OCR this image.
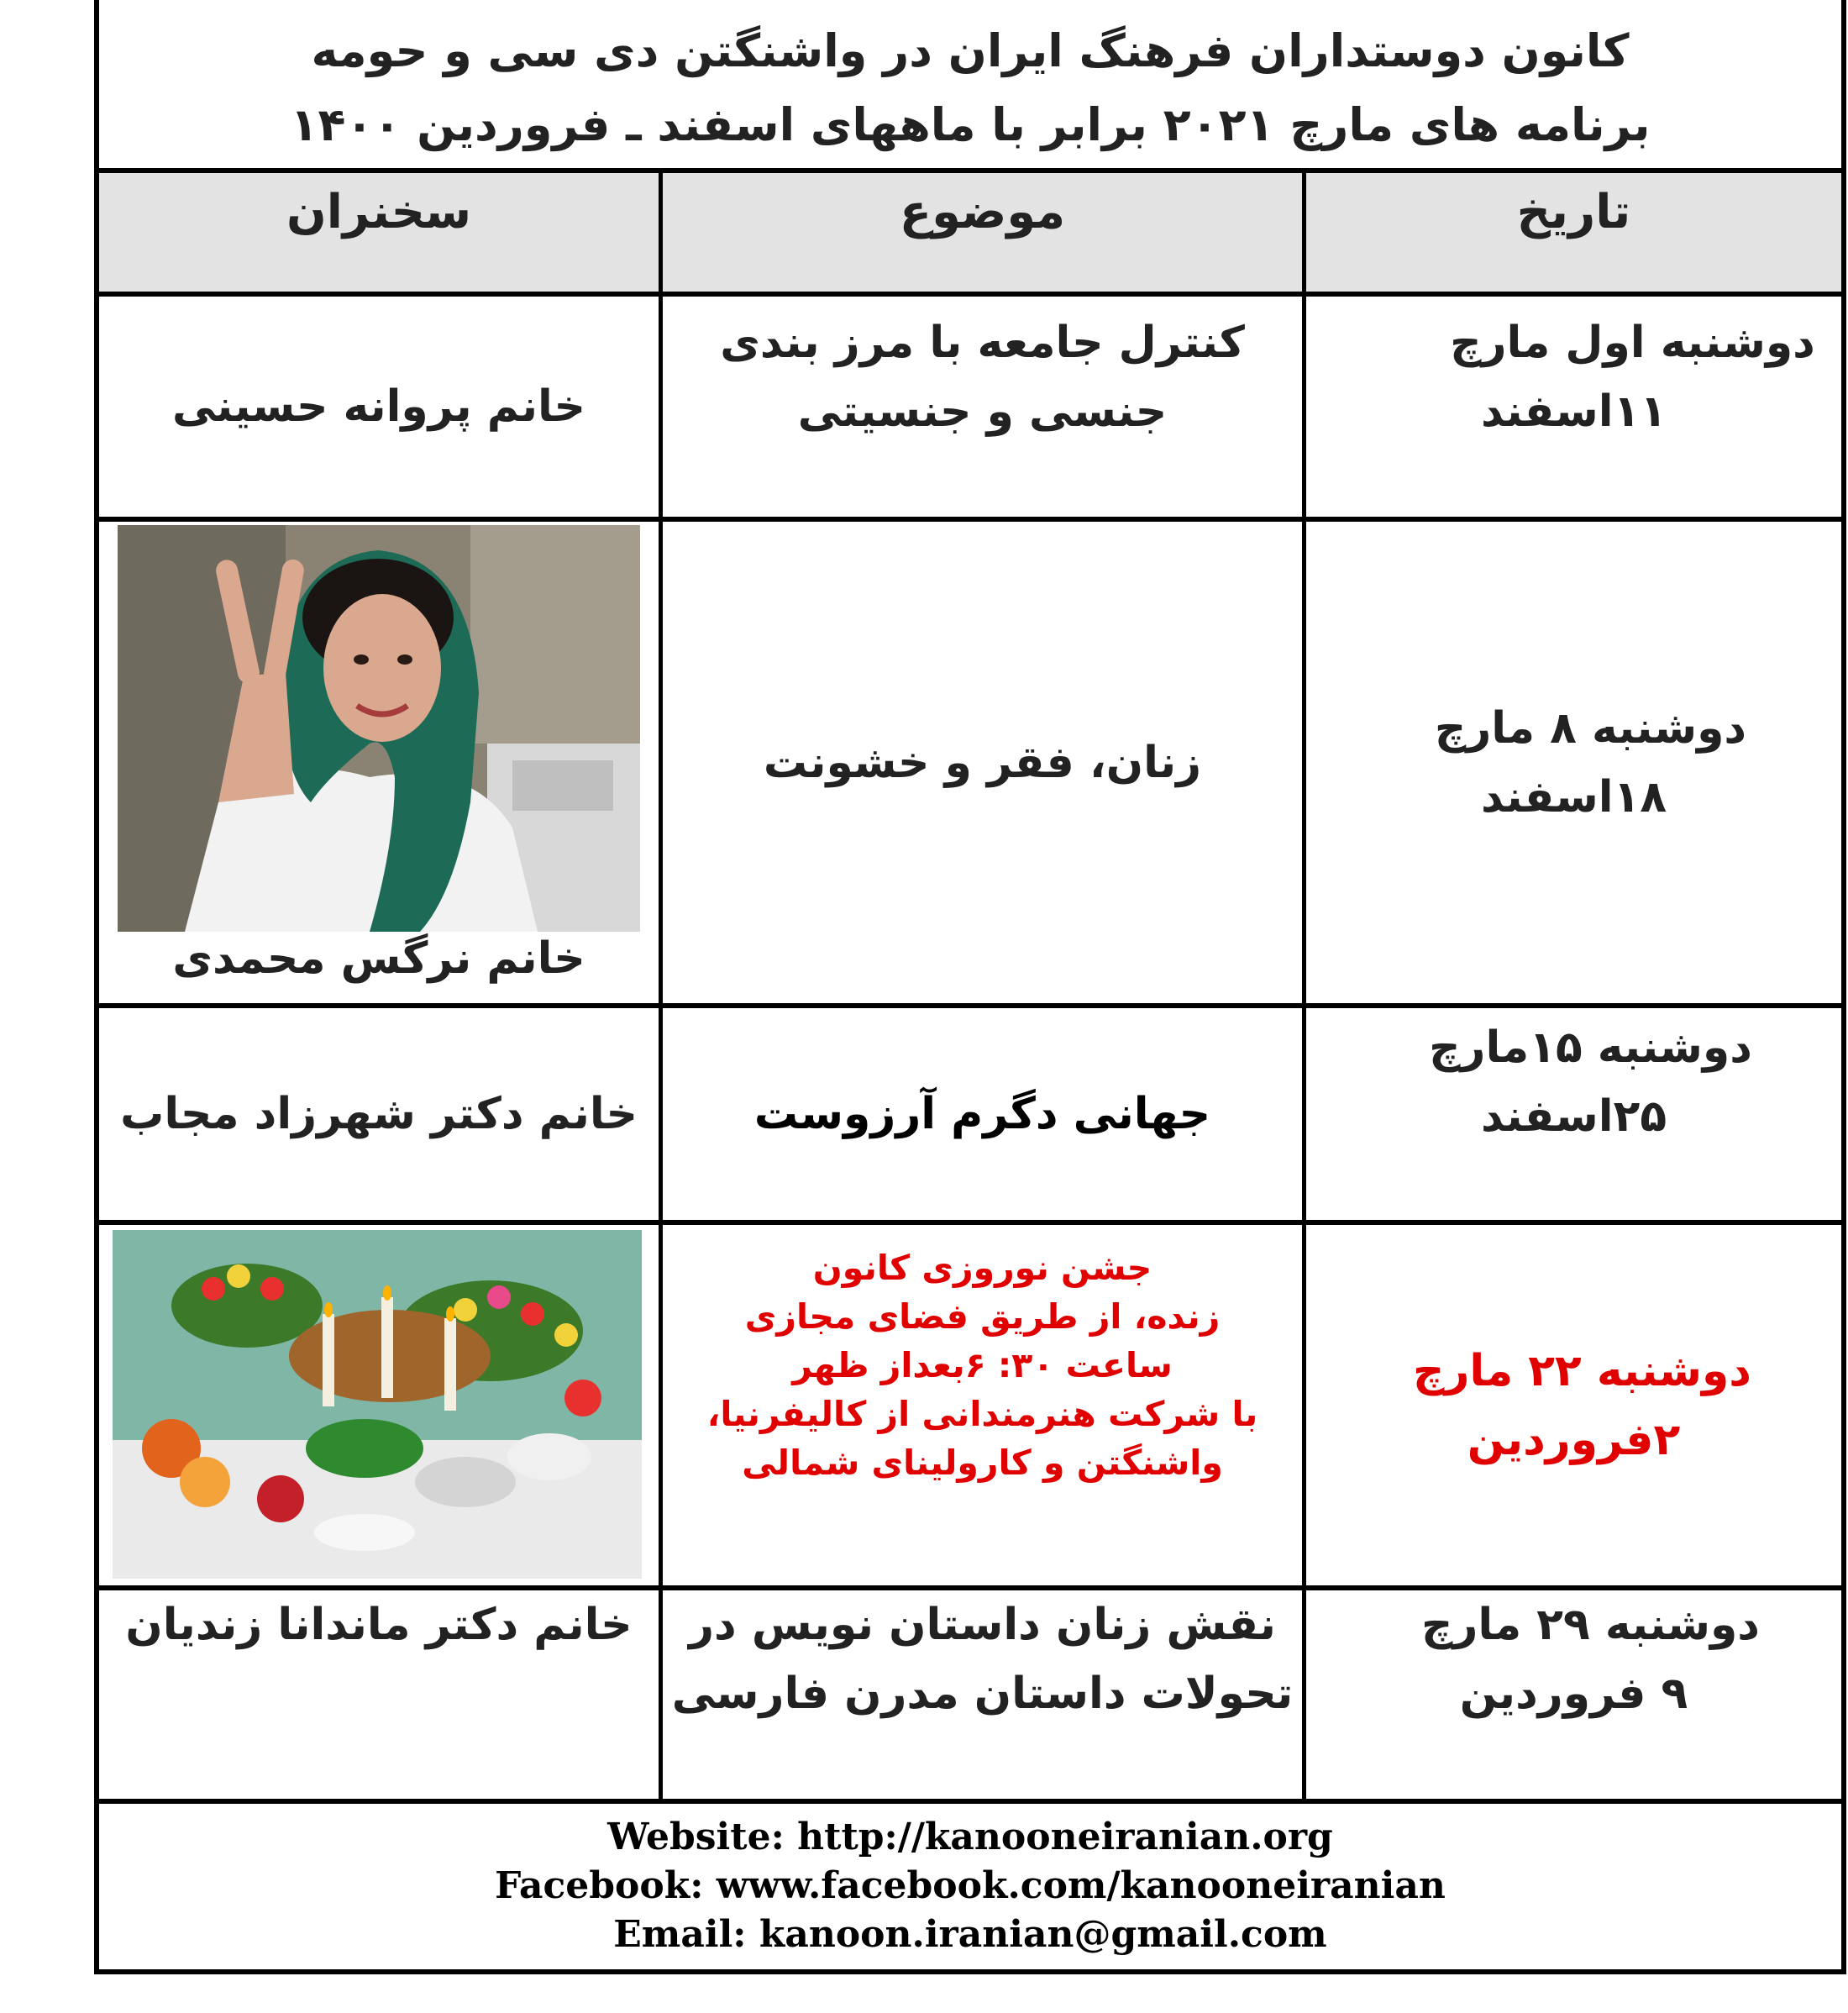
کانون دوستداران فرهنگ ایران در واشنگتن دی سی و حومه
برنامه های مارچ ۲۰۲۱ برابر با ماههای اسفند ـ فروردین ۱۴۰۰
سخنران	موضوع	تاریخ
دوشنبه اول مارچ
۱۱اسفند
کنترل جامعه با مرز بندی
جنسی و جنسیتی
خانم پروانه حسینی
دوشنبه ۸ مارچ
۱۸اسفند
زنان، فقر و خشونت
خانم نرگس محمدی
دوشنبه ۱۵مارچ
۲۵اسفند
جهانی دگرم آرزوست
خانم دکتر شهرزاد مجاب
دوشنبه ۲۲ مارچ
۲فروردین
جشن نوروزی کانون
زنده، از طریق فضای مجازی
ساعت ۳۰: ۶بعداز ظهر
با شرکت هنرمندانی از کالیفرنیا،
واشنگتن و کارولینای شمالی
دوشنبه ۲۹ مارچ
۹ فروردین
نقش زنان داستان نویس در
تحولات داستان مدرن فارسی
خانم دکتر ماندانا زندیان
Website: http://kanooneiranian.org
Facebook: www.facebook.com/kanooneiranian
Email: kanoon.iranian@gmail.com
